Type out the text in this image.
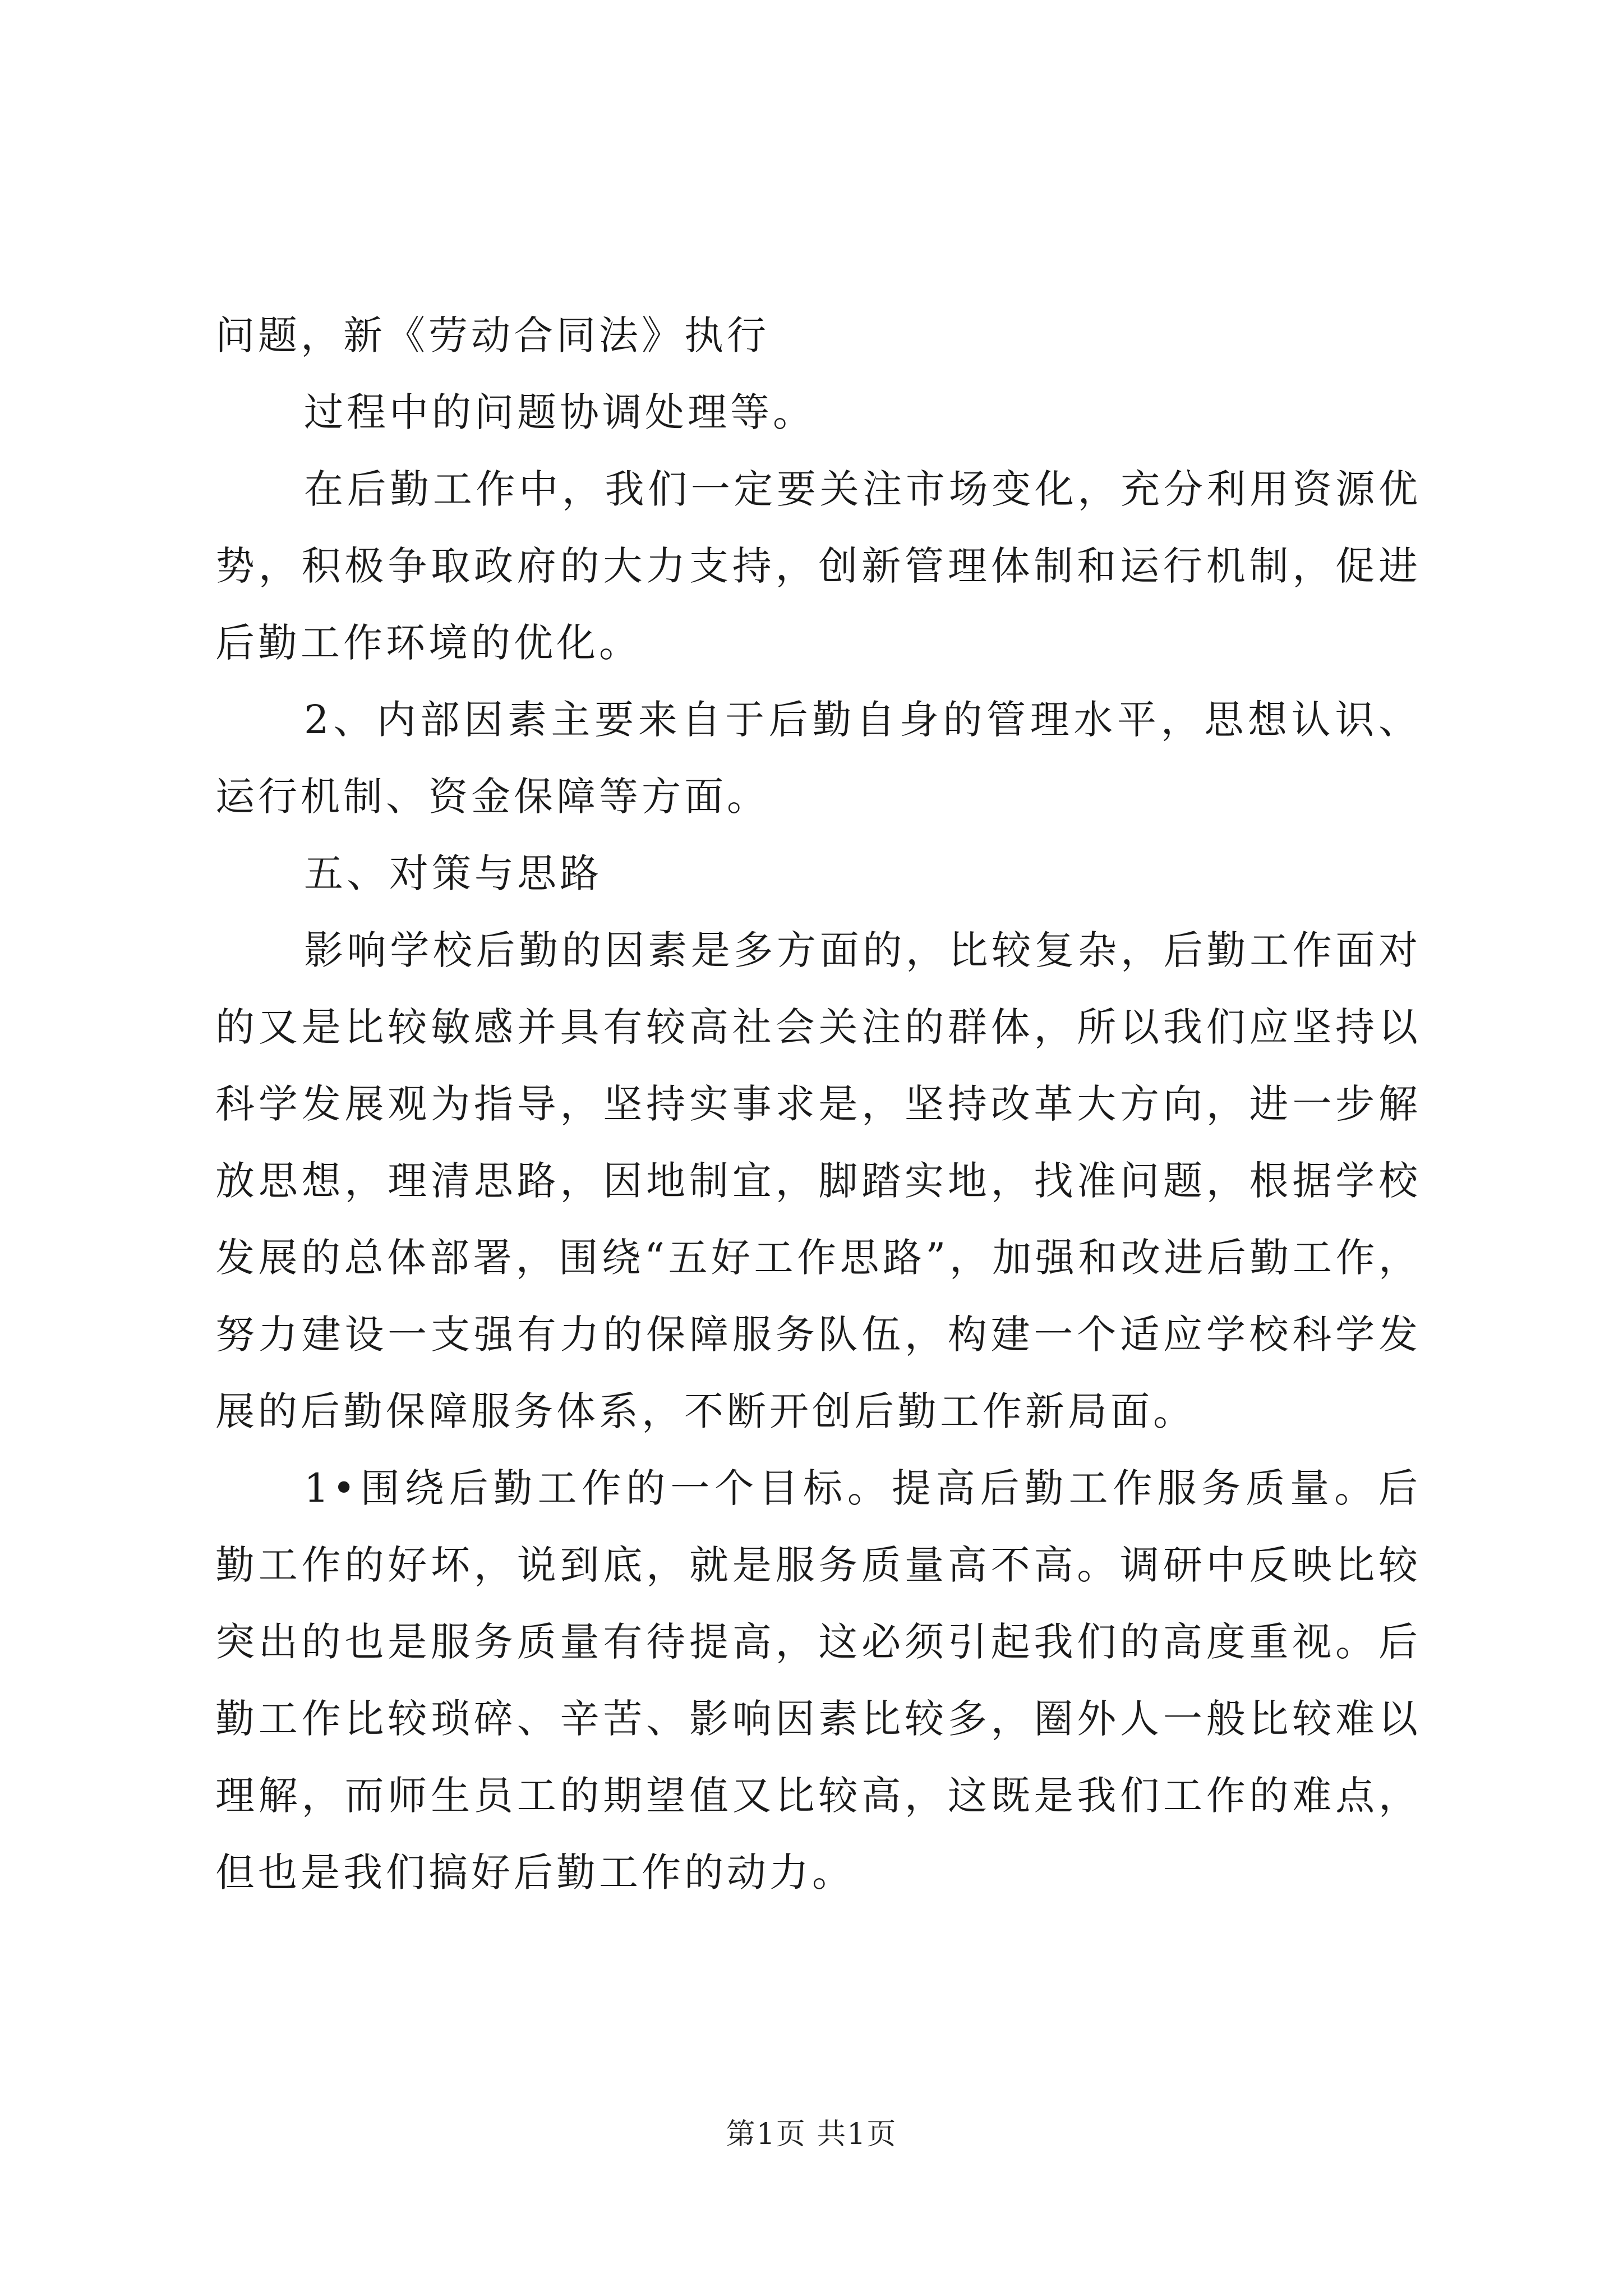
问题，新《劳动合同法》执行

过程中的问题协调处理等。

在后勤工作中，我们一定要关注市场变化，充分利用资源优势，积极争取政府的大力支持，创新管理体制和运行机制，促进后勤工作环境的优化。

2、内部因素主要来自于后勤自身的管理水平，思想认识、运行机制、资金保障等方面。

五、对策与思路

影响学校后勤的因素是多方面的，比较复杂，后勤工作面对的又是比较敏感并具有较高社会关注的群体，所以我们应坚持以科学发展观为指导，坚持实事求是，坚持改革大方向，进一步解放思想，理清思路，因地制宜，脚踏实地，找准问题，根据学校发展的总体部署，围绕“五好工作思路”，加强和改进后勤工作，努力建设一支强有力的保障服务队伍，构建一个适应学校科学发展的后勤保障服务体系，不断开创后勤工作新局面。

1•围绕后勤工作的一个目标。提高后勤工作服务质量。后勤工作的好坏，说到底，就是服务质量高不高。调研中反映比较突出的也是服务质量有待提高，这必须引起我们的高度重视。后勤工作比较琐碎、辛苦、影响因素比较多，圈外人一般比较难以理解，而师生员工的期望值又比较高，这既是我们工作的难点，但也是我们搞好后勤工作的动力。

第1页 共1页
